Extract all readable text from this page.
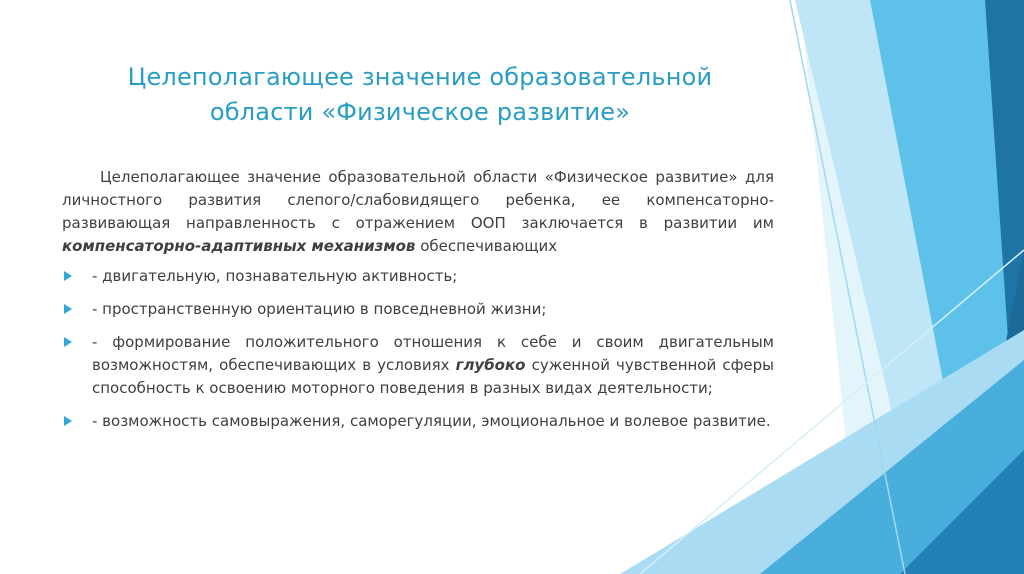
Целеполагающее значение образовательной
области «Физическое развитие»

Целеполагающее значение образовательной области «Физическое развитие» для личностного развития слепого/слабовидящего ребенка, ее компенсаторно-развивающая направленность с отражением ООП заключается в развитии им компенсаторно-адаптивных механизмов обеспечивающих

- двигательную, познавательную активность;
- пространственную ориентацию в повседневной жизни;
- формирование положительного отношения к себе и своим двигательным возможностям, обеспечивающих в условиях глубоко суженной чувственной сферы способность к освоению моторного поведения в разных видах деятельности;
- возможность самовыражения, саморегуляции, эмоциональное и волевое развитие.
